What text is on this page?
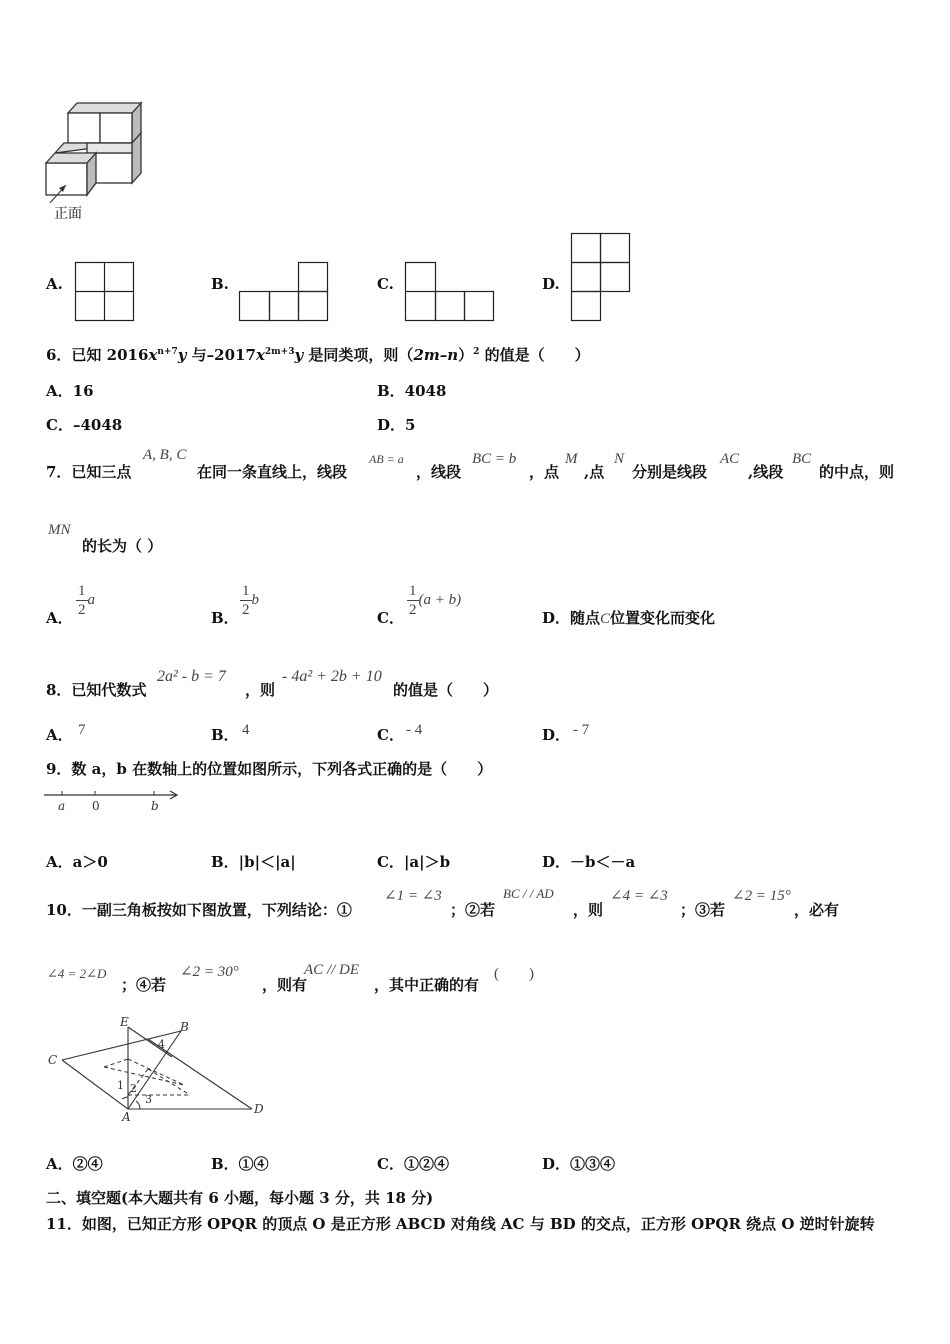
正面
A.	B.	C.	D.
6．已知 $2016x^{n+7}y$ 与$-2017x^{2m+3}y$ 是同类项，则$(2m-n)^2$ 的值是（　　）
A．16	B．4048
C．–4048	D．5
7．已知三点
A, B, C
在同一条直线上，线段
AB = a
，线段
BC = b
，点
M
,点
N
分别是线段
AC
,线段
BC
的中点，则
MN
的长为（ ）
A． $\frac{1}{2}$ a
B． $\frac{1}{2}$ b
C． $\frac{1}{2} (a + b)$
D．随点C位置变化而变化
8．已知代数式
2a² - b = 7
，则
- 4a² + 2b + 10
的值是（　　）
A． 7	B． 4	C． - 4	D． - 7
9．数 a，b 在数轴上的位置如图所示，下列各式正确的是（　　）
a 0	b
A．a＞0	B．|b|＜|a|	C．|a|＞b	D．－b＜－a
10．一副三角板按如下图放置，下列结论：①
∠1 = ∠3
；②若
BC / / AD
，则
∠4 = ∠3
；③若
∠2 = 15°
，必有
∠4 = 2∠D
；④若
∠2 = 30°
，则有
AC // DE
，其中正确的有
(　　)
E	B
C
A
D
1 2
3
4
A．②④	B．①④	C．①②④	D．①③④
二、填空题(本大题共有 6 小题，每小题 3 分，共 18 分)
11．如图，已知正方形 OPQR 的顶点 O 是正方形 ABCD 对角线 AC 与 BD 的交点，正方形 OPQR 绕点 O 逆时针旋转
